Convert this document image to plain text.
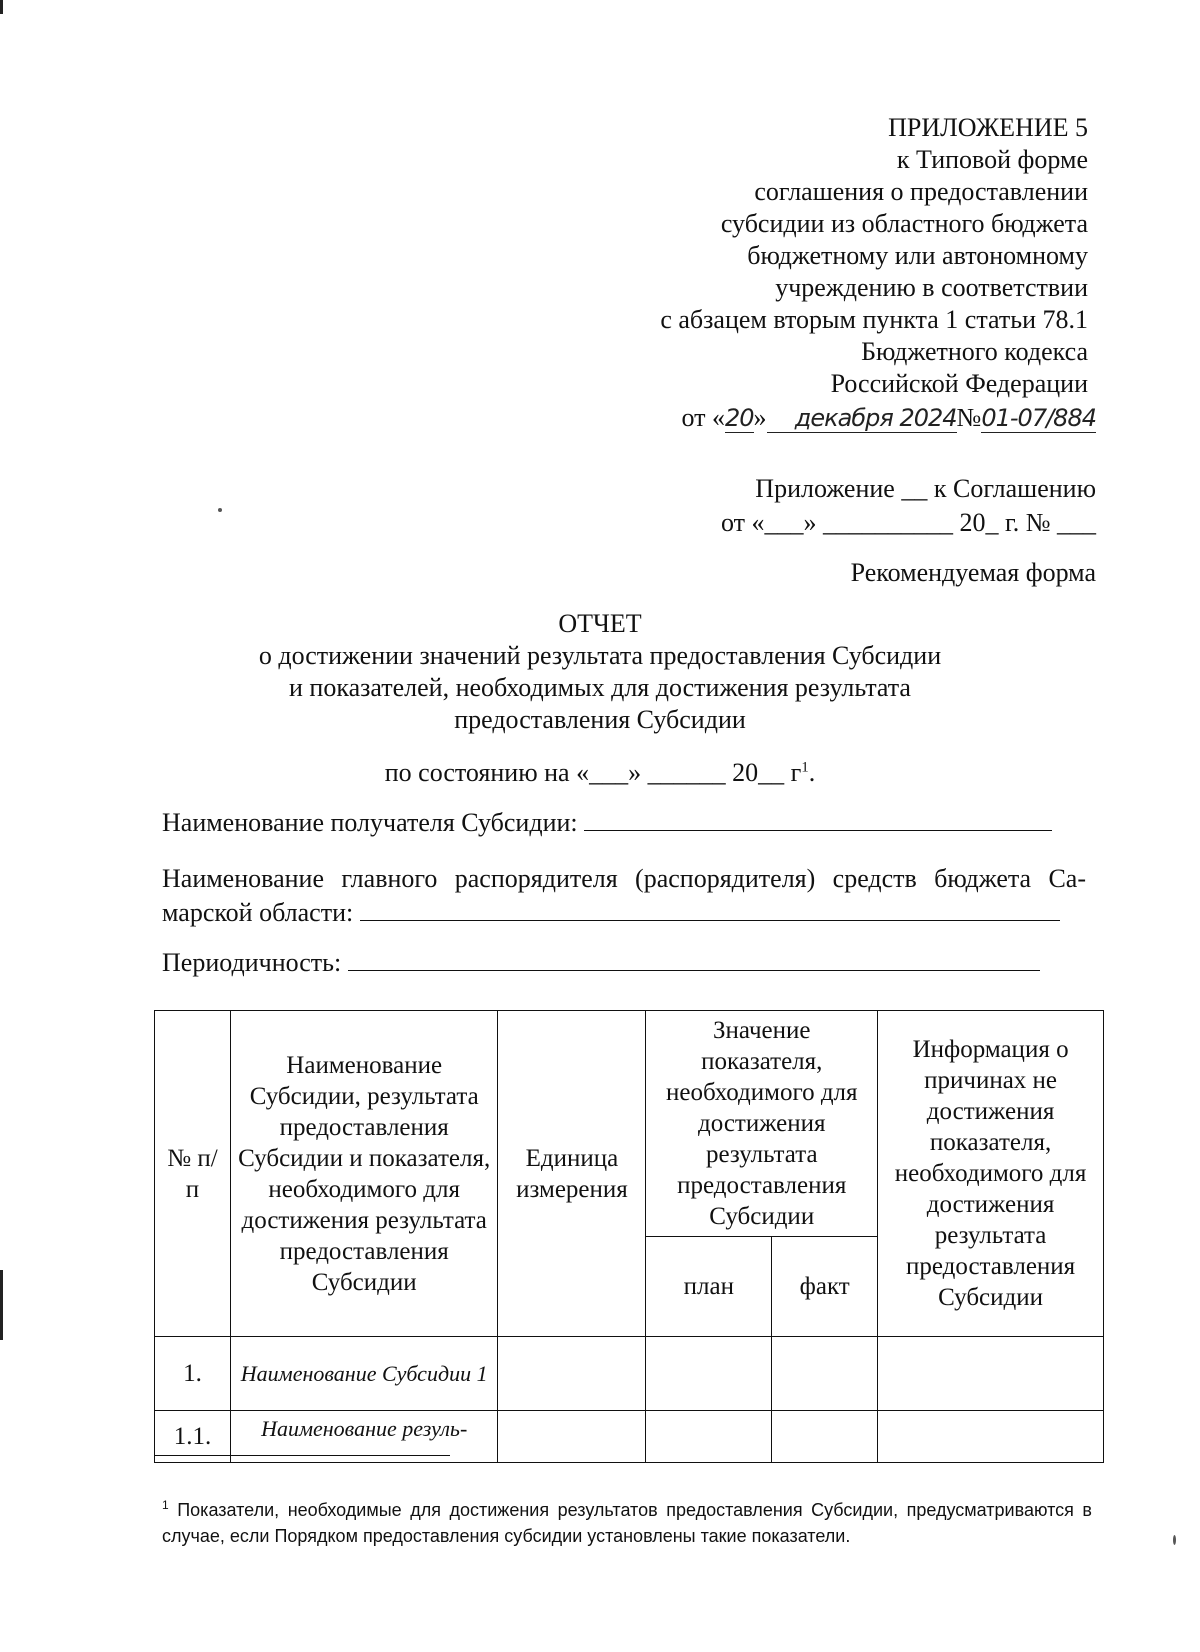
ПРИЛОЖЕНИЕ 5
к Типовой форме
соглашения о предоставлении
субсидии из областного бюджета
бюджетному или автономному
учреждению в соответствии
с абзацем вторым пункта 1 статьи 78.1
Бюджетного кодекса
Российской Федерации
от «20» декабря 2024№01-07/884
Приложение __ к Соглашению
от «___» __________ 20_ г. № ___
Рекомендуемая форма
ОТЧЕТ
о достижении значений результата предоставления Субсидии
и показателей, необходимых для достижения результата
предоставления Субсидии
по состоянию на «___» ______ 20__ $г^1$.
Наименование получателя Субсидии:
Наименование главного распорядителя (распорядителя) средств бюджета Са-
марской области:
Периодичность:
№ п/п	Наименование Субсидии, результата предоставления Субсидии и показателя, необходимого для достижения результата предоставления Субсидии	Единица измерения	Значение показателя, необходимого для достижения результата предоставления Субсидии		Информация о причинах не достижения показателя, необходимого для достижения результата предоставления Субсидии
			план	факт	
1.	Наименование Субсидии 1				
1.1.	Наименование резуль-				
$^1$ Показатели, необходимые для достижения результатов предоставления Субсидии, предусматриваются в случае, если Порядком предоставления субсидии установлены такие показатели.
